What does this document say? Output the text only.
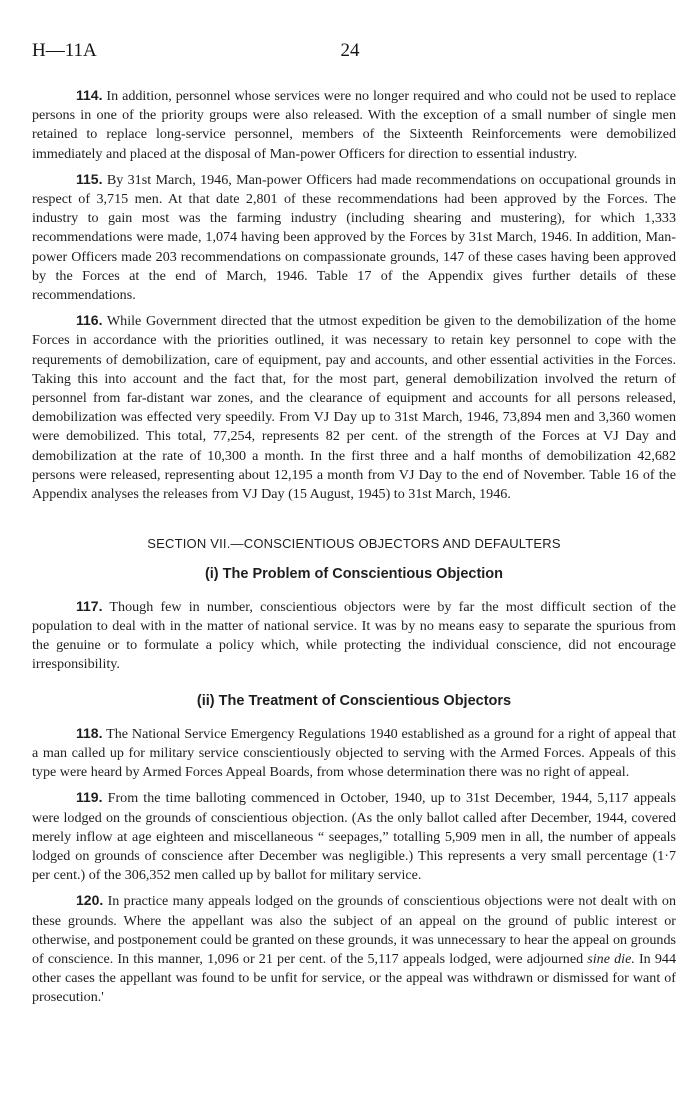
H—11A	24

114. In addition, personnel whose services were no longer required and who could not be used to replace persons in one of the priority groups were also released. With the exception of a small number of single men retained to replace long-service personnel, members of the Sixteenth Reinforcements were demobilized immediately and placed at the disposal of Man-power Officers for direction to essential industry.

115. By 31st March, 1946, Man-power Officers had made recommendations on occupational grounds in respect of 3,715 men. At that date 2,801 of these recommendations had been approved by the Forces. The industry to gain most was the farming industry (including shearing and mustering), for which 1,333 recommendations were made, 1,074 having been approved by the Forces by 31st March, 1946. In addition, Man-power Officers made 203 recommendations on compassionate grounds, 147 of these cases having been approved by the Forces at the end of March, 1946. Table 17 of the Appendix gives further details of these recommendations.

116. While Government directed that the utmost expedition be given to the demobilization of the home Forces in accordance with the priorities outlined, it was necessary to retain key personnel to cope with the requrements of demobilization, care of equipment, pay and accounts, and other essential activities in the Forces. Taking this into account and the fact that, for the most part, general demobilization involved the return of personnel from far-distant war zones, and the clearance of equipment and accounts for all persons released, demobilization was effected very speedily. From VJ Day up to 31st March, 1946, 73,894 men and 3,360 women were demobilized. This total, 77,254, represents 82 per cent. of the strength of the Forces at VJ Day and demobilization at the rate of 10,300 a month. In the first three and a half months of demobilization 42,682 persons were released, representing about 12,195 a month from VJ Day to the end of November. Table 16 of the Appendix analyses the releases from VJ Day (15 August, 1945) to 31st March, 1946.

SECTION VII.—CONSCIENTIOUS OBJECTORS AND DEFAULTERS
(i) The Problem of Conscientious Objection

117. Though few in number, conscientious objectors were by far the most difficult section of the population to deal with in the matter of national service. It was by no means easy to separate the spurious from the genuine or to formulate a policy which, while protecting the individual conscience, did not encourage irresponsibility.

(ii) The Treatment of Conscientious Objectors

118. The National Service Emergency Regulations 1940 established as a ground for a right of appeal that a man called up for military service conscientiously objected to serving with the Armed Forces. Appeals of this type were heard by Armed Forces Appeal Boards, from whose determination there was no right of appeal.

119. From the time balloting commenced in October, 1940, up to 31st December, 1944, 5,117 appeals were lodged on the grounds of conscientious objection. (As the only ballot called after December, 1944, covered merely inflow at age eighteen and miscellaneous “ seepages,” totalling 5,909 men in all, the number of appeals lodged on grounds of conscience after December was negligible.) This represents a very small percentage (1·7 per cent.) of the 306,352 men called up by ballot for military service.

120. In practice many appeals lodged on the grounds of conscientious objections were not dealt with on these grounds. Where the appellant was also the subject of an appeal on the ground of public interest or otherwise, and postponement could be granted on these grounds, it was unnecessary to hear the appeal on grounds of conscience. In this manner, 1,096 or 21 per cent. of the 5,117 appeals lodged, were adjourned sine die. In 944 other cases the appellant was found to be unfit for service, or the appeal was withdrawn or dismissed for want of prosecution.'
